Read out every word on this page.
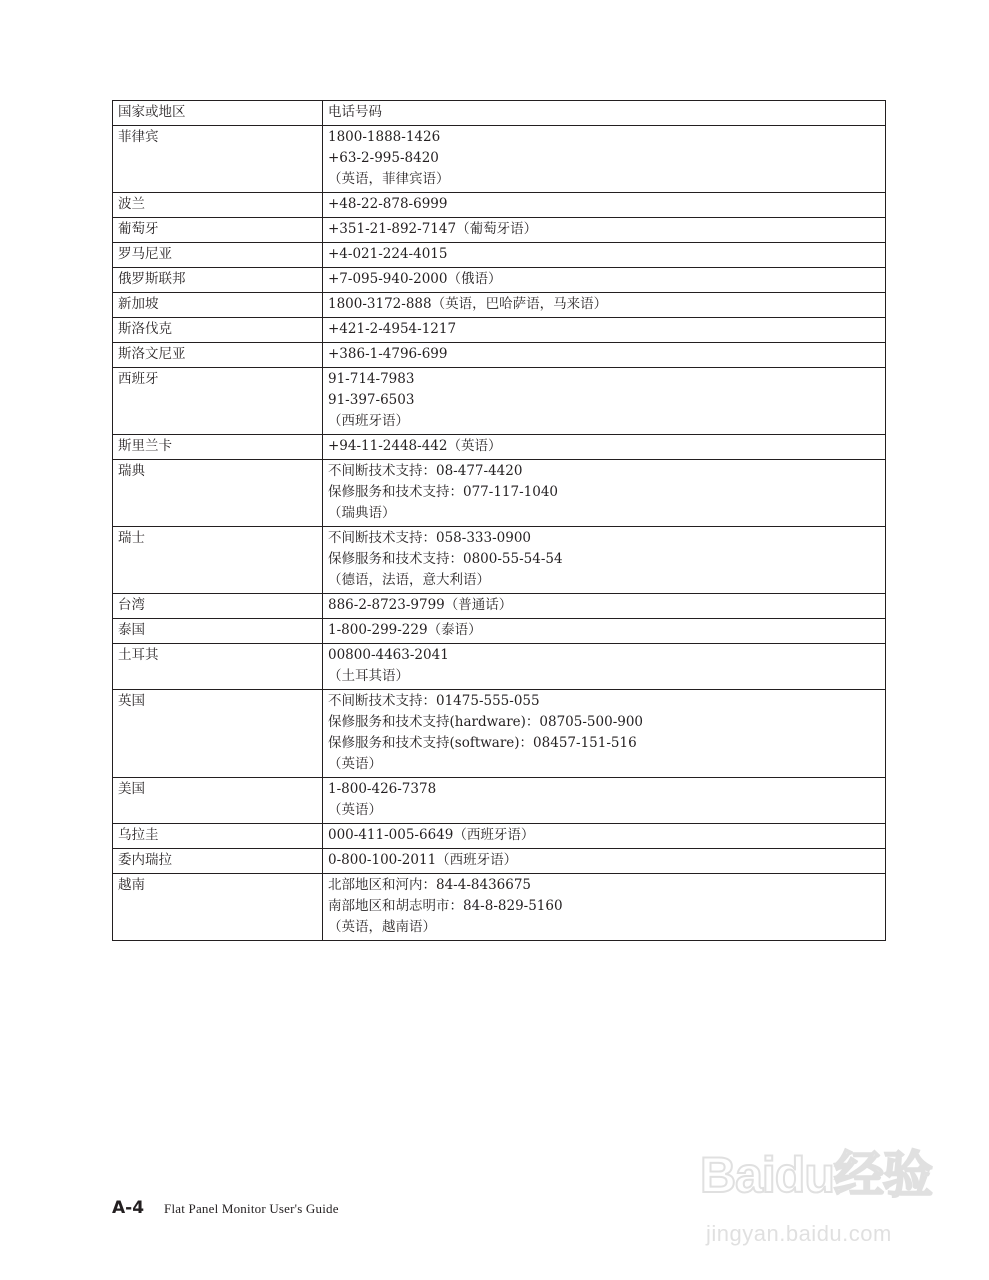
国家或地区	电话号码
菲律宾	1800-1888-1426
+63-2-995-8420
（英语，菲律宾语）

波兰	+48-22-878-6999

葡萄牙	+351-21-892-7147（葡萄牙语）

罗马尼亚	+4-021-224-4015

俄罗斯联邦	+7-095-940-2000（俄语）

新加坡	1800-3172-888（英语，巴哈萨语，马来语）

斯洛伐克	+421-2-4954-1217

斯洛文尼亚	+386-1-4796-699

西班牙	91-714-7983
91-397-6503
（西班牙语）

斯里兰卡	+94-11-2448-442（英语）

瑞典	不间断技术支持：08-477-4420
保修服务和技术支持：077-117-1040
（瑞典语）

瑞士	不间断技术支持：058-333-0900
保修服务和技术支持：0800-55-54-54
（德语，法语，意大利语）

台湾	886-2-8723-9799（普通话）

泰国	1-800-299-229（泰语）

土耳其	00800-4463-2041
（土耳其语）

英国	不间断技术支持：01475-555-055
保修服务和技术支持(hardware)：08705-500-900
保修服务和技术支持(software)：08457-151-516
（英语）

美国	1-800-426-7378
（英语）

乌拉圭	000-411-005-6649（西班牙语）

委内瑞拉	0-800-100-2011（西班牙语）

越南	北部地区和河内：84-4-8436675
南部地区和胡志明市：84-8-829-5160
（英语，越南语）
A-4 Flat Panel Monitor User's Guide
Baidu经验
jingyan.baidu.com
